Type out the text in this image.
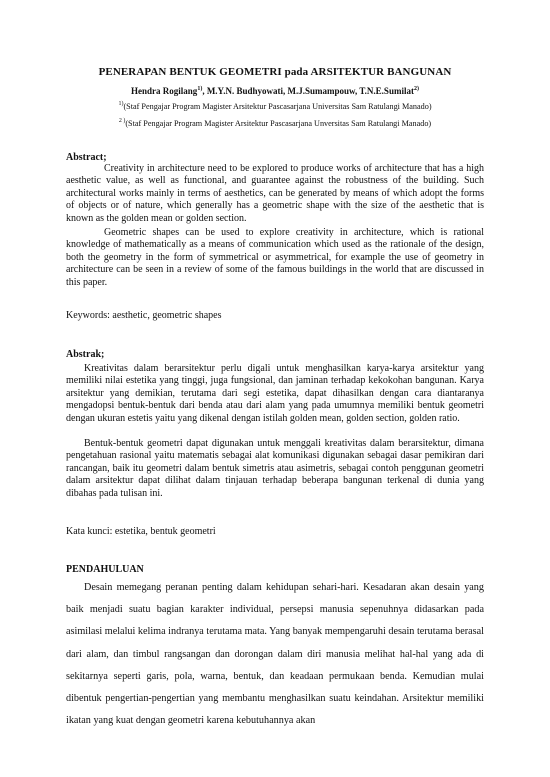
PENERAPAN BENTUK GEOMETRI pada ARSITEKTUR BANGUNAN
Hendra Rogilang$^{1)}$, M.Y.N. Budhyowati, M.J.Sumampouw, T.N.E.Sumilat$^{2)}$
$^{1)}$(Staf Pengajar Program Magister Arsitektur Pascasarjana Universitas Sam Ratulangi Manado)
$^{2 )}$(Staf Pengajar Program Magister Arsitektur Pascasarjana Unversitas Sam Ratulangi Manado)
Abstract;

Creativity in architecture need to be explored to produce works of architecture that has a high aesthetic value, as well as functional, and guarantee against the robustness of the building. Such architectural works mainly in terms of aesthetics, can be generated by means of which adopt the forms of objects or of nature, which generally has a geometric shape with the size of the aesthetic that is known as the golden mean or golden section.

Geometric shapes can be used to explore creativity in architecture, which is rational knowledge of mathematically as a means of communication which used as the rationale of the design, both the geometry in the form of symmetrical or asymmetrical, for example the use of geometry in architecture can be seen in a review of some of the famous buildings in the world that are discussed in this paper.

Keywords: aesthetic, geometric shapes
Abstrak;

Kreativitas dalam berarsitektur perlu digali untuk menghasilkan karya-karya arsitektur yang memiliki nilai estetika yang tinggi, juga fungsional, dan jaminan terhadap kekokohan bangunan. Karya arsitektur yang demikian, terutama dari segi estetika, dapat dihasilkan dengan cara diantaranya mengadopsi bentuk-bentuk dari benda atau dari alam yang pada umumnya memiliki bentuk geometri dengan ukuran estetis yaitu yang dikenal dengan istilah golden mean, golden section, golden ratio.

Bentuk-bentuk geometri dapat digunakan untuk menggali kreativitas dalam berarsitektur, dimana pengetahuan rasional yaitu matematis sebagai alat komunikasi digunakan sebagai dasar pemikiran dari rancangan, baik itu geometri dalam bentuk simetris atau asimetris, sebagai contoh penggunan geometri dalam arsitektur dapat dilihat dalam tinjauan terhadap beberapa bangunan terkenal di dunia yang dibahas pada tulisan ini.

Kata kunci: estetika, bentuk geometri
PENDAHULUAN

Desain memegang peranan penting dalam kehidupan sehari-hari. Kesadaran akan desain yang baik menjadi suatu bagian karakter individual, persepsi manusia sepenuhnya didasarkan pada asimilasi melalui kelima indranya terutama mata. Yang banyak mempengaruhi desain terutama berasal dari alam, dan timbul rangsangan dan dorongan dalam diri manusia melihat hal-hal yang ada di sekitarnya seperti garis, pola, warna, bentuk, dan keadaan permukaan benda. Kemudian mulai dibentuk pengertian-pengertian yang membantu menghasilkan suatu keindahan. Arsitektur memiliki ikatan yang kuat dengan geometri karena kebutuhannya akan
